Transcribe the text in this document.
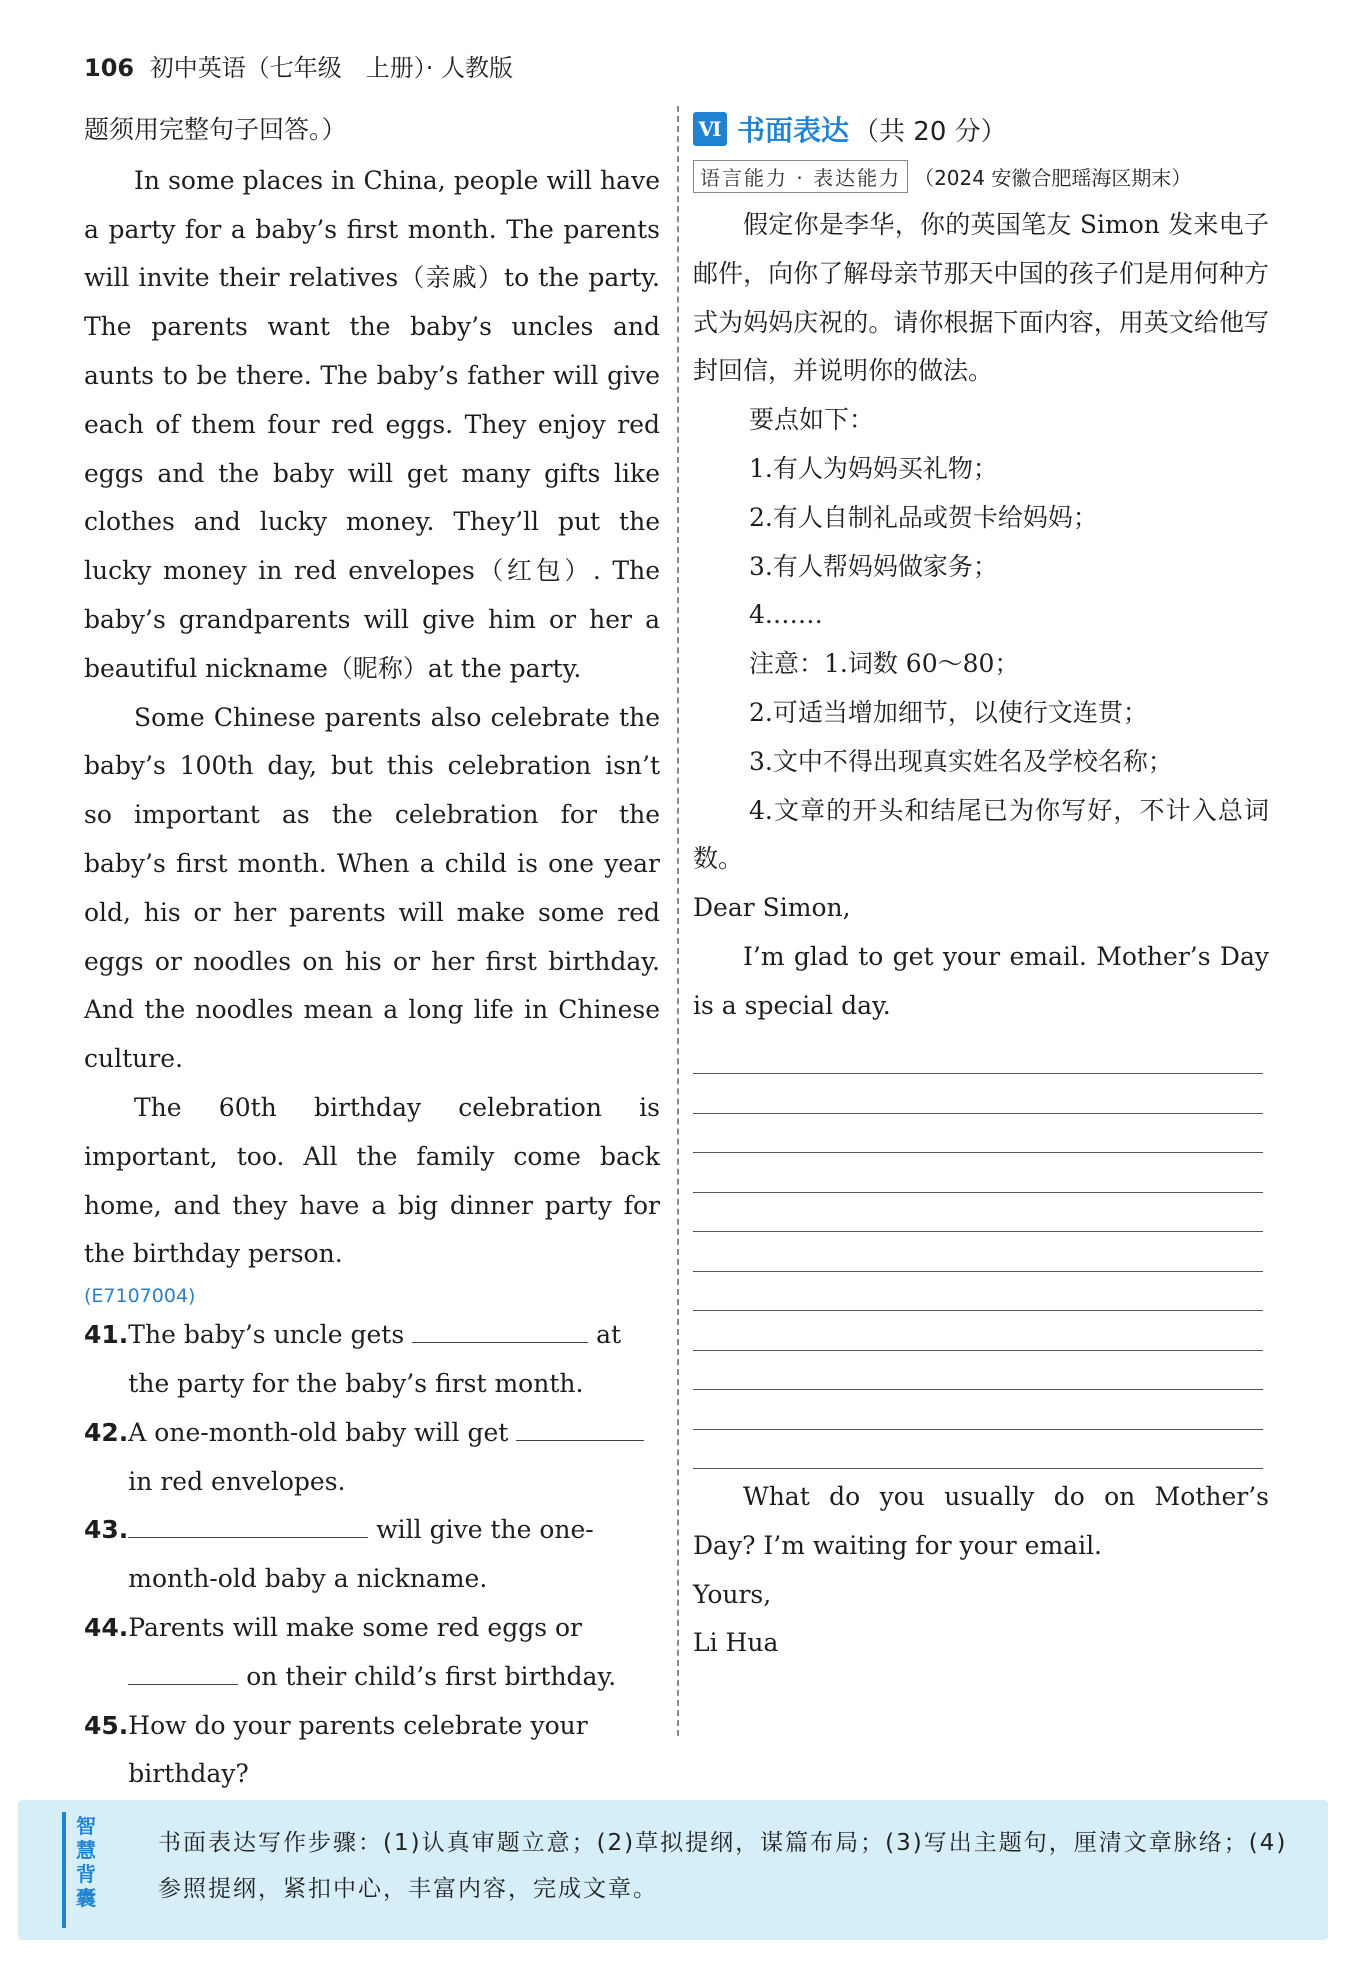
106 初中英语（七年级　上册）· 人教版

题须用完整句子回答。）

In some places in China, people will have a party for a baby’s first month. The parents will invite their relatives（亲戚）to the party. The parents want the baby’s uncles and aunts to be there. The baby’s father will give each of them four red eggs. They enjoy red eggs and the baby will get many gifts like clothes and lucky money. They’ll put the lucky money in red envelopes（红包）. The baby’s grandparents will give him or her a beautiful nickname（昵称）at the party.

Some Chinese parents also celebrate the baby’s 100th day, but this celebration isn’t so important as the celebration for the baby’s first month. When a child is one year old, his or her parents will make some red eggs or noodles on his or her first birthday. And the noodles mean a long life in Chinese culture.

The 60th birthday celebration is important, too. All the family come back home, and they have a big dinner party for the birthday person.

(E7107004)
41. The baby’s uncle gets	at the party for the baby’s first month.
42. A one-month-old baby will get  in red envelopes.
43.	will give the one-month-old baby a nickname.
44. Parents will make some red eggs or  on their child’s first birthday.
45. How do your parents celebrate your birthday?
Ⅵ 书面表达 （共 20 分）
语言能力 · 表达能力 （2024 安徽合肥瑶海区期末）

假定你是李华，你的英国笔友 Simon 发来电子邮件，向你了解母亲节那天中国的孩子们是用何种方式为妈妈庆祝的。请你根据下面内容，用英文给他写封回信，并说明你的做法。

要点如下：

1.有人为妈妈买礼物；

2.有人自制礼品或贺卡给妈妈；

3.有人帮妈妈做家务；

4.……

注意：1.词数 60～80；

2.可适当增加细节，以使行文连贯；

3.文中不得出现真实姓名及学校名称；

4.文章的开头和结尾已为你写好，不计入总词数。

Dear Simon,

I’m glad to get your email. Mother’s Day is a special day.

What do you usually do on Mother’s Day? I’m waiting for your email.

Yours,

Li Hua

智慧背囊
书面表达写作步骤：(1)认真审题立意；(2)草拟提纲，谋篇布局；(3)写出主题句，厘清文章脉络；(4)参照提纲，紧扣中心，丰富内容，完成文章。
